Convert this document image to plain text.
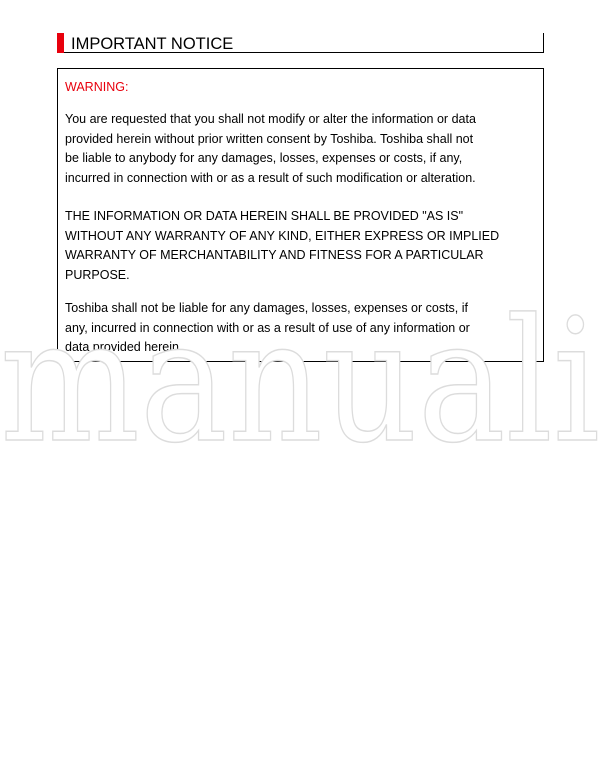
IMPORTANT NOTICE
WARNING:
You are requested that you shall not modify or alter the information or data
provided herein without prior written consent by Toshiba. Toshiba shall not
be liable to anybody for any damages, losses, expenses or costs, if any,
incurred in connection with or as a result of such modification or alteration.
THE INFORMATION OR DATA HEREIN SHALL BE PROVIDED "AS IS"
WITHOUT ANY WARRANTY OF ANY KIND, EITHER EXPRESS OR IMPLIED
WARRANTY OF MERCHANTABILITY AND FITNESS FOR A PARTICULAR
PURPOSE.
Toshiba shall not be liable for any damages, losses, expenses or costs, if
any, incurred in connection with or as a result of use of any information or
data provided herein.
manuali
